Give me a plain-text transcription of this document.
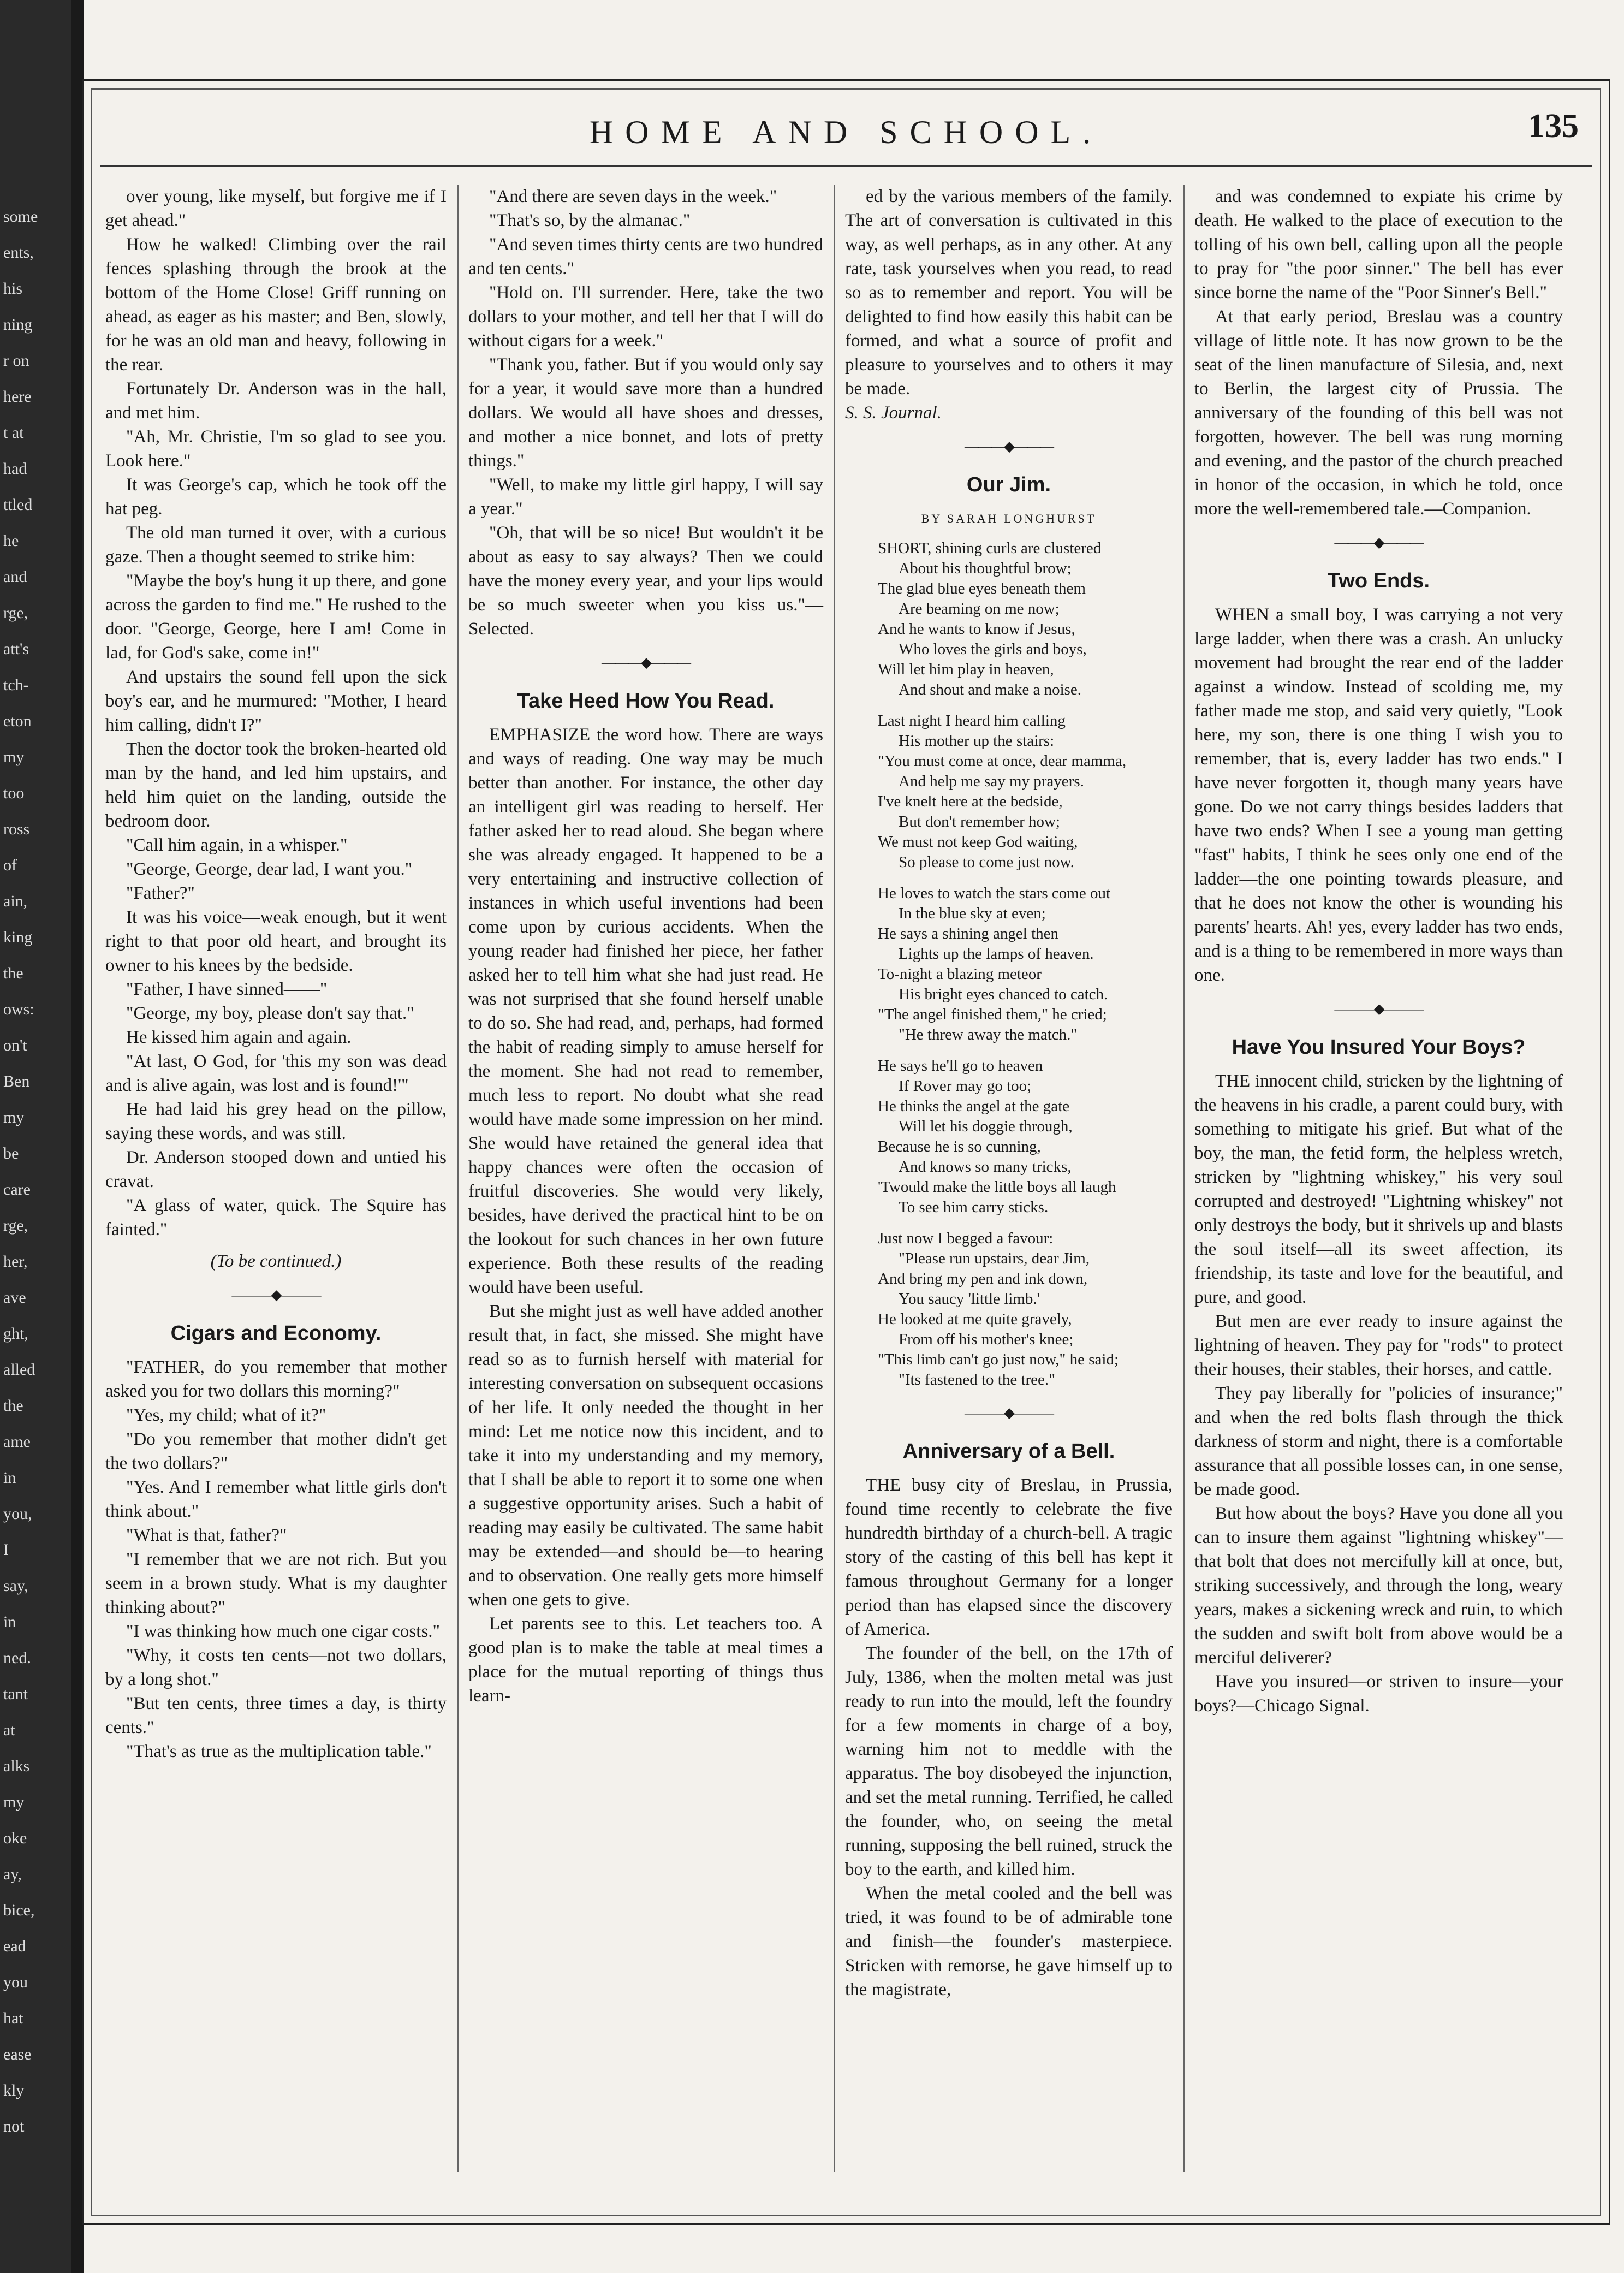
some
ents,
his
ning
r on
here
t at
had
ttled
he
and
rge,
att's
tch-
eton
my
too
ross
of
ain,
king
the
ows:
on't
Ben
my
be
care
rge,
her,
ave
ght,
alled
the
ame
in
you,
I
say,
in
ned.
tant
at
alks
my
oke
ay,
bice,
ead
you
hat
ease
kly
not
HOME AND SCHOOL.	135

over young, like myself, but forgive me if I get ahead."

How he walked! Climbing over the rail fences splashing through the brook at the bottom of the Home Close! Griff running on ahead, as eager as his master; and Ben, slowly, for he was an old man and heavy, following in the rear.

Fortunately Dr. Anderson was in the hall, and met him.

"Ah, Mr. Christie, I'm so glad to see you. Look here."

It was George's cap, which he took off the hat peg.

The old man turned it over, with a curious gaze. Then a thought seemed to strike him:

"Maybe the boy's hung it up there, and gone across the garden to find me." He rushed to the door. "George, George, here I am! Come in lad, for God's sake, come in!"

And upstairs the sound fell upon the sick boy's ear, and he murmured: "Mother, I heard him calling, didn't I?"

Then the doctor took the broken-hearted old man by the hand, and led him upstairs, and held him quiet on the landing, outside the bedroom door.

"Call him again, in a whisper."

"George, George, dear lad, I want you."

"Father?"

It was his voice—weak enough, but it went right to that poor old heart, and brought its owner to his knees by the bedside.

"Father, I have sinned——"

"George, my boy, please don't say that."

He kissed him again and again.

"At last, O God, for 'this my son was dead and is alive again, was lost and is found!'"

He had laid his grey head on the pillow, saying these words, and was still.

Dr. Anderson stooped down and untied his cravat.

"A glass of water, quick. The Squire has fainted."

(To be continued.)

———◆———
Cigars and Economy.

"FATHER, do you remember that mother asked you for two dollars this morning?"

"Yes, my child; what of it?"

"Do you remember that mother didn't get the two dollars?"

"Yes. And I remember what little girls don't think about."

"What is that, father?"

"I remember that we are not rich. But you seem in a brown study. What is my daughter thinking about?"

"I was thinking how much one cigar costs."

"Why, it costs ten cents—not two dollars, by a long shot."

"But ten cents, three times a day, is thirty cents."

"That's as true as the multiplication table."

"And there are seven days in the week."

"That's so, by the almanac."

"And seven times thirty cents are two hundred and ten cents."

"Hold on. I'll surrender. Here, take the two dollars to your mother, and tell her that I will do without cigars for a week."

"Thank you, father. But if you would only say for a year, it would save more than a hundred dollars. We would all have shoes and dresses, and mother a nice bonnet, and lots of pretty things."

"Well, to make my little girl happy, I will say a year."

"Oh, that will be so nice! But wouldn't it be about as easy to say always? Then we could have the money every year, and your lips would be so much sweeter when you kiss us."—Selected.

———◆———
Take Heed How You Read.

EMPHASIZE the word how. There are ways and ways of reading. One way may be much better than another. For instance, the other day an intelligent girl was reading to herself. Her father asked her to read aloud. She began where she was already engaged. It happened to be a very entertaining and instructive collection of instances in which useful inventions had been come upon by curious accidents. When the young reader had finished her piece, her father asked her to tell him what she had just read. He was not surprised that she found herself unable to do so. She had read, and, perhaps, had formed the habit of reading simply to amuse herself for the moment. She had not read to remember, much less to report. No doubt what she read would have made some impression on her mind. She would have retained the general idea that happy chances were often the occasion of fruitful discoveries. She would very likely, besides, have derived the practical hint to be on the lookout for such chances in her own future experience. Both these results of the reading would have been useful.

But she might just as well have added another result that, in fact, she missed. She might have read so as to furnish herself with material for interesting conversation on subsequent occasions of her life. It only needed the thought in her mind: Let me notice now this incident, and to take it into my understanding and my memory, that I shall be able to report it to some one when a suggestive opportunity arises. Such a habit of reading may easily be cultivated. The same habit may be extended—and should be—to hearing and to observation. One really gets more himself when one gets to give.

Let parents see to this. Let teachers too. A good plan is to make the table at meal times a place for the mutual reporting of things thus learn-

ed by the various members of the family. The art of conversation is cultivated in this way, as well perhaps, as in any other. At any rate, task yourselves when you read, to read so as to remember and report. You will be delighted to find how easily this habit can be formed, and what a source of profit and pleasure to yourselves and to others it may be made.

S. S. Journal.

———◆———
Our Jim.
BY SARAH LONGHURST
SHORT, shining curls are clustered
About his thoughtful brow;
The glad blue eyes beneath them
Are beaming on me now;
And he wants to know if Jesus,
Who loves the girls and boys,
Will let him play in heaven,
And shout and make a noise.
Last night I heard him calling
His mother up the stairs:
"You must come at once, dear mamma,
And help me say my prayers.
I've knelt here at the bedside,
But don't remember how;
We must not keep God waiting,
So please to come just now.
He loves to watch the stars come out
In the blue sky at even;
He says a shining angel then
Lights up the lamps of heaven.
To-night a blazing meteor
His bright eyes chanced to catch.
"The angel finished them," he cried;
"He threw away the match."
He says he'll go to heaven
If Rover may go too;
He thinks the angel at the gate
Will let his doggie through,
Because he is so cunning,
And knows so many tricks,
'Twould make the little boys all laugh
To see him carry sticks.
Just now I begged a favour:
"Please run upstairs, dear Jim,
And bring my pen and ink down,
You saucy 'little limb.'
He looked at me quite gravely,
From off his mother's knee;
"This limb can't go just now," he said;
"Its fastened to the tree."
———◆———
Anniversary of a Bell.

THE busy city of Breslau, in Prussia, found time recently to celebrate the five hundredth birthday of a church-bell. A tragic story of the casting of this bell has kept it famous throughout Germany for a longer period than has elapsed since the discovery of America.

The founder of the bell, on the 17th of July, 1386, when the molten metal was just ready to run into the mould, left the foundry for a few moments in charge of a boy, warning him not to meddle with the apparatus. The boy disobeyed the injunction, and set the metal running. Terrified, he called the founder, who, on seeing the metal running, supposing the bell ruined, struck the boy to the earth, and killed him.

When the metal cooled and the bell was tried, it was found to be of admirable tone and finish—the founder's masterpiece. Stricken with remorse, he gave himself up to the magistrate,

and was condemned to expiate his crime by death. He walked to the place of execution to the tolling of his own bell, calling upon all the people to pray for "the poor sinner." The bell has ever since borne the name of the "Poor Sinner's Bell."

At that early period, Breslau was a country village of little note. It has now grown to be the seat of the linen manufacture of Silesia, and, next to Berlin, the largest city of Prussia. The anniversary of the founding of this bell was not forgotten, however. The bell was rung morning and evening, and the pastor of the church preached in honor of the occasion, in which he told, once more the well-remembered tale.—Companion.

———◆———
Two Ends.

WHEN a small boy, I was carrying a not very large ladder, when there was a crash. An unlucky movement had brought the rear end of the ladder against a window. Instead of scolding me, my father made me stop, and said very quietly, "Look here, my son, there is one thing I wish you to remember, that is, every ladder has two ends." I have never forgotten it, though many years have gone. Do we not carry things besides ladders that have two ends? When I see a young man getting "fast" habits, I think he sees only one end of the ladder—the one pointing towards pleasure, and that he does not know the other is wounding his parents' hearts. Ah! yes, every ladder has two ends, and is a thing to be remembered in more ways than one.

———◆———
Have You Insured Your Boys?

THE innocent child, stricken by the lightning of the heavens in his cradle, a parent could bury, with something to mitigate his grief. But what of the boy, the man, the fetid form, the helpless wretch, stricken by "lightning whiskey," his very soul corrupted and destroyed! "Lightning whiskey" not only destroys the body, but it shrivels up and blasts the soul itself—all its sweet affection, its friendship, its taste and love for the beautiful, and pure, and good.

But men are ever ready to insure against the lightning of heaven. They pay for "rods" to protect their houses, their stables, their horses, and cattle.

They pay liberally for "policies of insurance;" and when the red bolts flash through the thick darkness of storm and night, there is a comfortable assurance that all possible losses can, in one sense, be made good.

But how about the boys? Have you done all you can to insure them against "lightning whiskey"—that bolt that does not mercifully kill at once, but, striking successively, and through the long, weary years, makes a sickening wreck and ruin, to which the sudden and swift bolt from above would be a merciful deliverer?

Have you insured—or striven to insure—your boys?—Chicago Signal.
